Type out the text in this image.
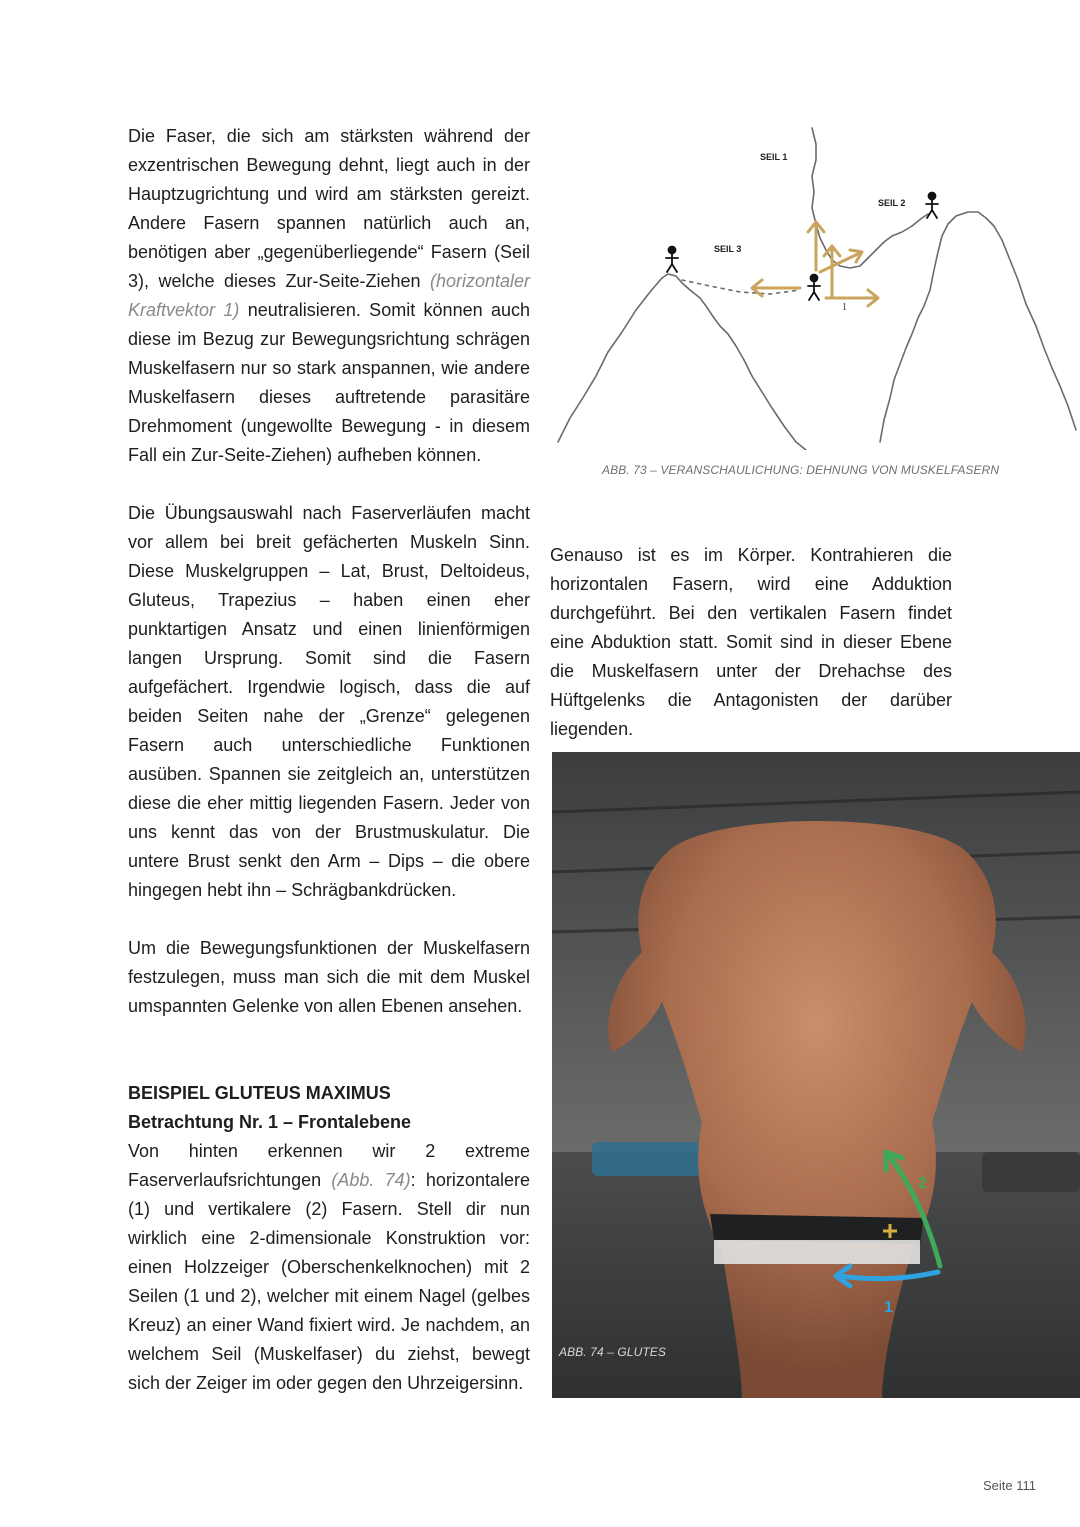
Die Faser, die sich am stärksten während der exzentrischen Bewegung dehnt, liegt auch in der Hauptzugrichtung und wird am stärksten gereizt. Andere Fasern spannen natürlich auch an, benötigen aber „gegenüberliegende“ Fasern (Seil 3), welche dieses Zur-Seite-Ziehen (horizontaler Kraftvektor 1) neutralisieren. Somit können auch diese im Bezug zur Bewegungsrichtung schrägen Muskelfasern nur so stark anspannen, wie andere Muskelfasern dieses auftretende parasitäre Drehmoment (ungewollte Bewegung - in diesem Fall ein Zur-Seite-Ziehen) aufheben können.

Die Übungsauswahl nach Faserverläufen macht vor allem bei breit gefächerten Muskeln Sinn. Diese Muskelgruppen – Lat, Brust, Deltoideus, Gluteus, Trapezius – haben einen eher punktartigen Ansatz und einen linienförmigen langen Ursprung. Somit sind die Fasern aufgefächert. Irgendwie logisch, dass die auf beiden Seiten nahe der „Grenze“ gelegenen Fasern auch unterschiedliche Funktionen ausüben. Spannen sie zeitgleich an, unterstützen diese die eher mittig liegenden Fasern. Jeder von uns kennt das von der Brustmuskulatur. Die untere Brust senkt den Arm – Dips – die obere hingegen hebt ihn – Schrägbankdrücken.

Um die Bewegungsfunktionen der Muskelfasern festzulegen, muss man sich die mit dem Muskel umspannten Gelenke von allen Ebenen ansehen.

BEISPIEL GLUTEUS MAXIMUS
Betrachtung Nr. 1 – Frontalebene

Von hinten erkennen wir 2 extreme Faserverlaufsrichtungen (Abb. 74): horizontalere (1) und vertikalere (2) Fasern. Stell dir nun wirklich eine 2-dimensionale Konstruktion vor: einen Holzzeiger (Oberschenkelknochen) mit 2 Seilen (1 und 2), welcher mit einem Nagel (gelbes Kreuz) an einer Wand fixiert wird. Je nachdem, an welchem Seil (Muskelfaser) du ziehst, bewegt sich der Zeiger im oder gegen den Uhrzeigersinn.

SEIL 1
SEIL 2
SEIL 3
1
ABB. 73 – VERANSCHAULICHUNG: DEHNUNG VON MUSKELFASERN

Genauso ist es im Körper. Kontrahieren die horizontalen Fasern, wird eine Adduktion durchgeführt. Bei den vertikalen Fasern findet eine Abduktion statt. Somit sind in dieser Ebene die Muskelfasern unter der Drehachse des Hüftgelenks die Antagonisten der darüber liegenden.

1
2
ABB. 74 – GLUTES
Seite 111
